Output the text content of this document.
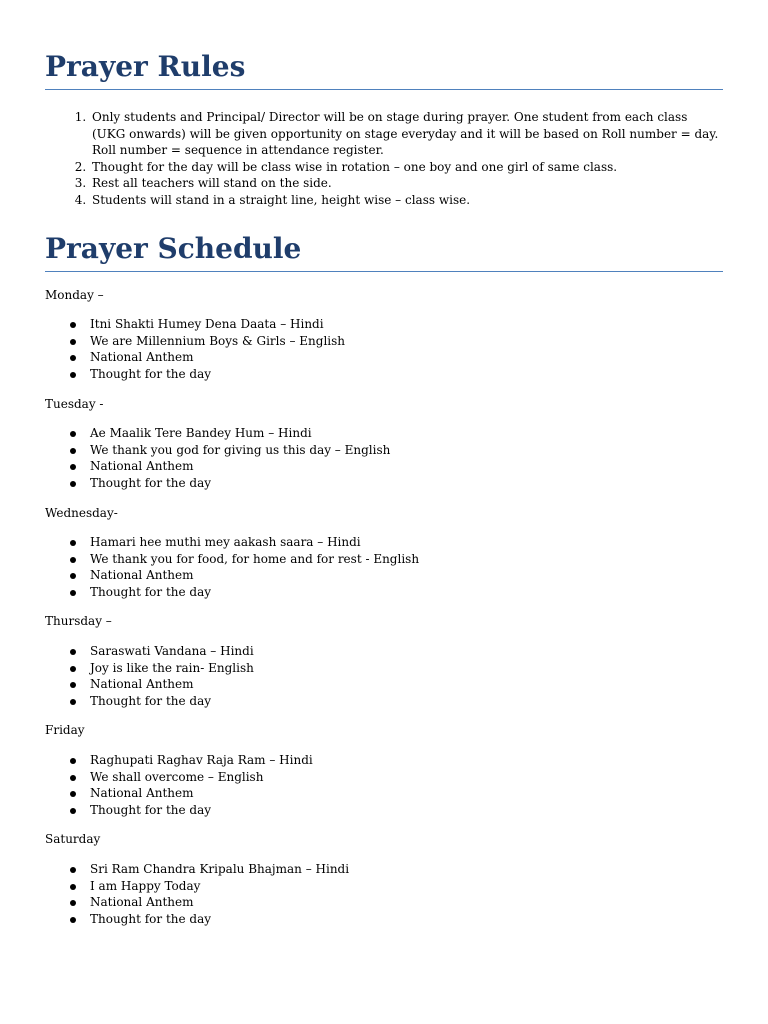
Prayer Rules
1. Only students and Principal/ Director will be on stage during prayer. One student from each class (UKG onwards) will be given opportunity on stage everyday and it will be based on Roll number = day. Roll number = sequence in attendance register.
2. Thought for the day will be class wise in rotation – one boy and one girl of same class.
3. Rest all teachers will stand on the side.
4. Students will stand in a straight line, height wise – class wise.
Prayer Schedule

Monday –

Itni Shakti Humey Dena Daata – Hindi
We are Millennium Boys & Girls – English
National Anthem
Thought for the day

Tuesday -

Ae Maalik Tere Bandey Hum – Hindi
We thank you god for giving us this day – English
National Anthem
Thought for the day

Wednesday-

Hamari hee muthi mey aakash saara – Hindi
We thank you for food, for home and for rest - English
National Anthem
Thought for the day

Thursday –

Saraswati Vandana – Hindi
Joy is like the rain- English
National Anthem
Thought for the day

Friday

Raghupati Raghav Raja Ram – Hindi
We shall overcome – English
National Anthem
Thought for the day

Saturday

Sri Ram Chandra Kripalu Bhajman – Hindi
I am Happy Today
National Anthem
Thought for the day
